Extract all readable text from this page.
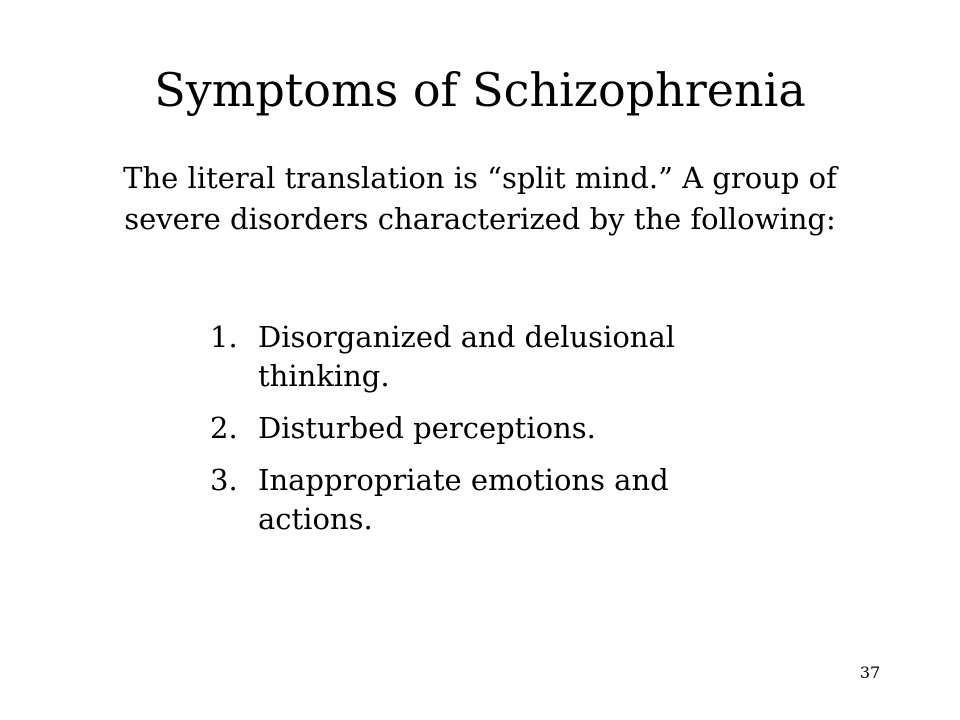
Symptoms of Schizophrenia

The literal translation is “split mind.” A group of severe disorders characterized by the following:

1. Disorganized and delusional thinking.
2. Disturbed perceptions.
3. Inappropriate emotions and actions.
37
